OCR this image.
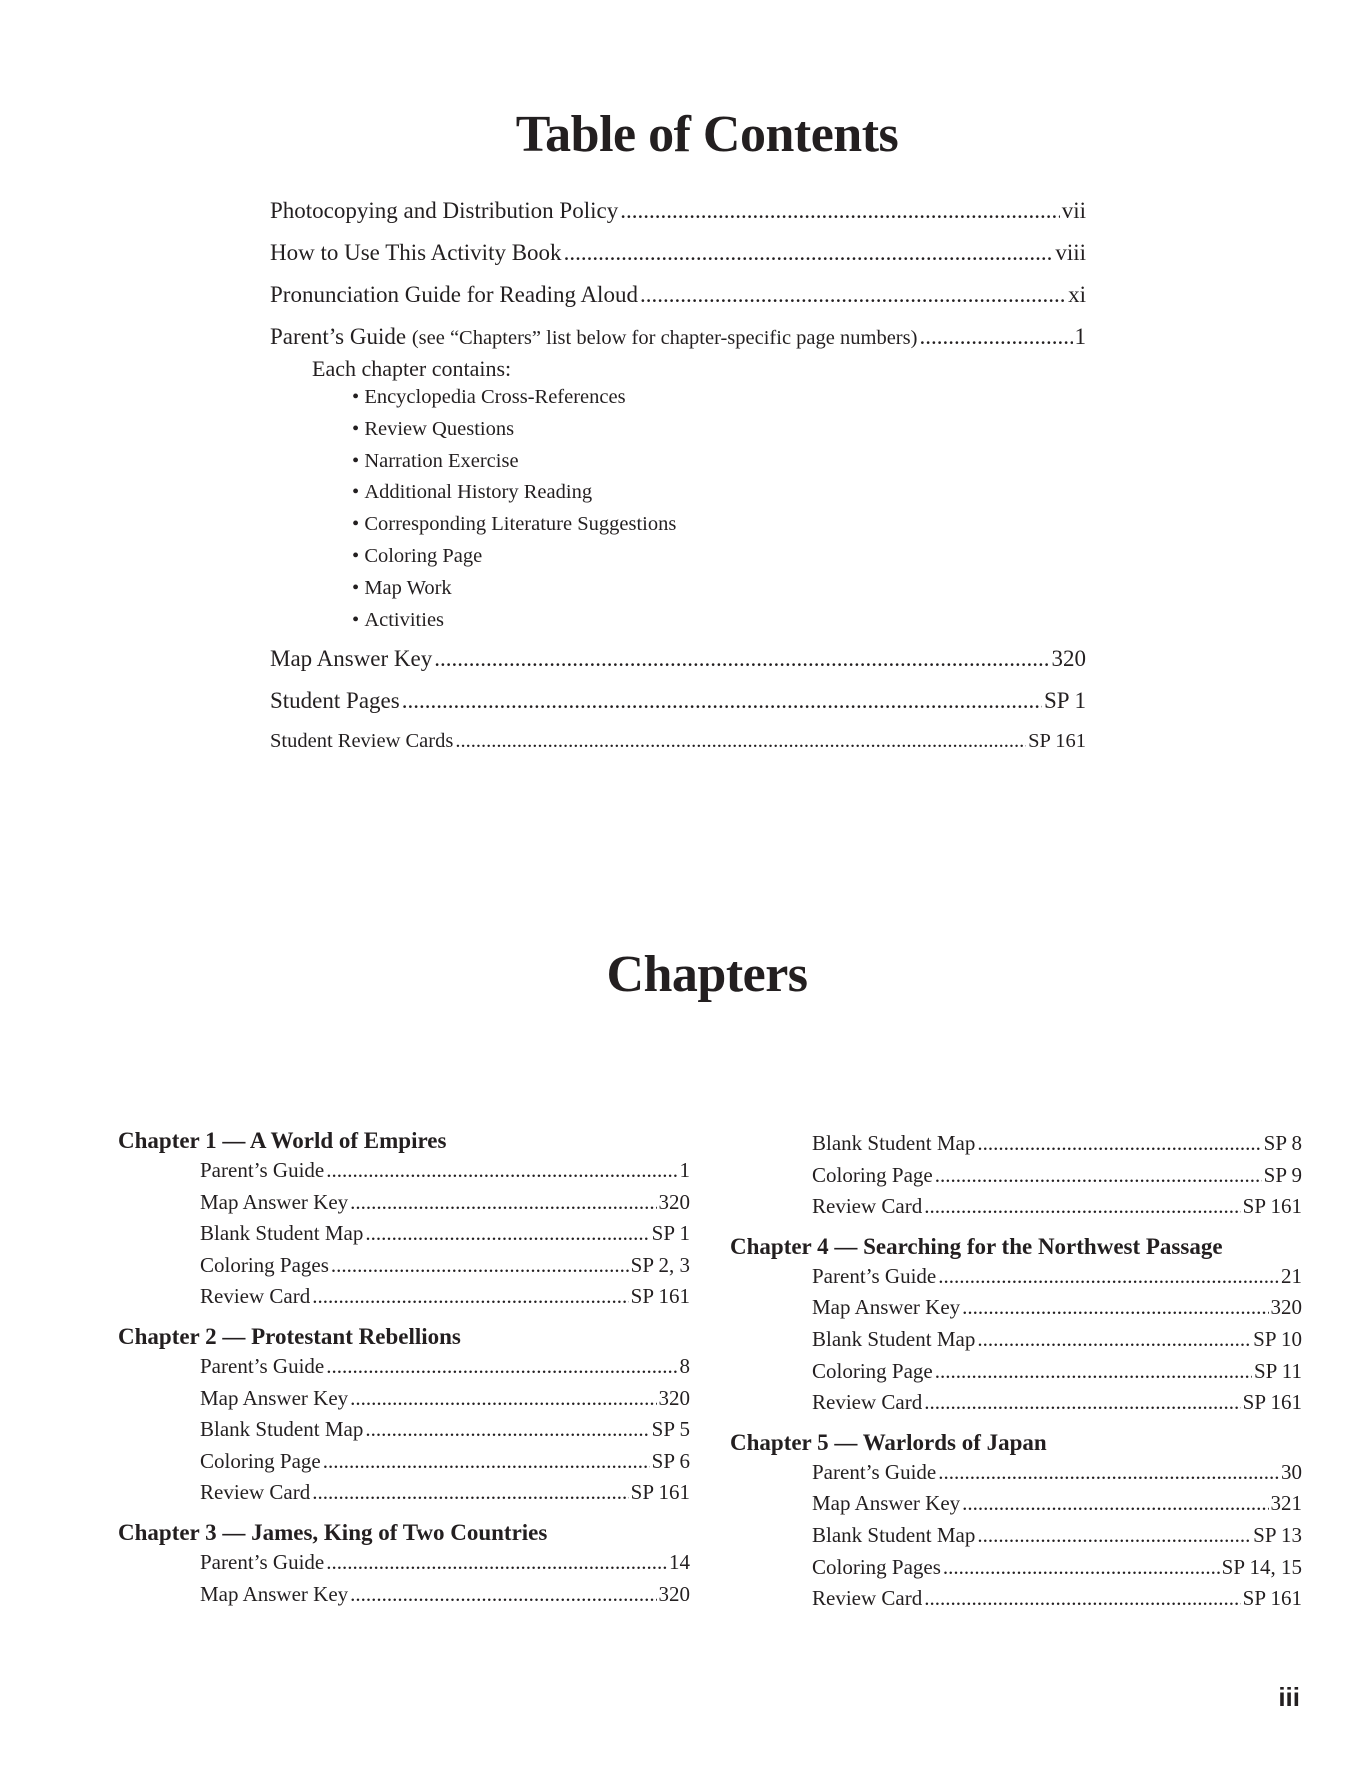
Table of Contents
Photocopying and Distribution Policy .....	vii
How to Use This Activity Book .....	viii
Pronunciation Guide for Reading Aloud .....	xi
Parent’s Guide (see “Chapters” list below for chapter-specific page numbers) .....	1
Each chapter contains:
• Encyclopedia Cross-References
• Review Questions
• Narration Exercise
• Additional History Reading
• Corresponding Literature Suggestions
• Coloring Page
• Map Work
• Activities
Map Answer Key .....	320
Student Pages .....	SP 1
Student Review Cards .....	SP 161
Chapters
Chapter 1 — A World of Empires
Parent’s Guide .....	1
Map Answer Key .....	320
Blank Student Map .....	SP 1
Coloring Pages .....	SP 2, 3
Review Card .....	SP 161
Chapter 2 — Protestant Rebellions
Parent’s Guide .....	8
Map Answer Key .....	320
Blank Student Map .....	SP 5
Coloring Page .....	SP 6
Review Card .....	SP 161
Chapter 3 — James, King of Two Countries
Parent’s Guide .....	14
Map Answer Key .....	320
Blank Student Map .....	SP 8
Coloring Page .....	SP 9
Review Card .....	SP 161
Chapter 4 — Searching for the Northwest Passage
Parent’s Guide .....	21
Map Answer Key .....	320
Blank Student Map .....	SP 10
Coloring Page .....	SP 11
Review Card .....	SP 161
Chapter 5 — Warlords of Japan
Parent’s Guide .....	30
Map Answer Key .....	321
Blank Student Map .....	SP 13
Coloring Pages .....	SP 14, 15
Review Card .....	SP 161
iii
